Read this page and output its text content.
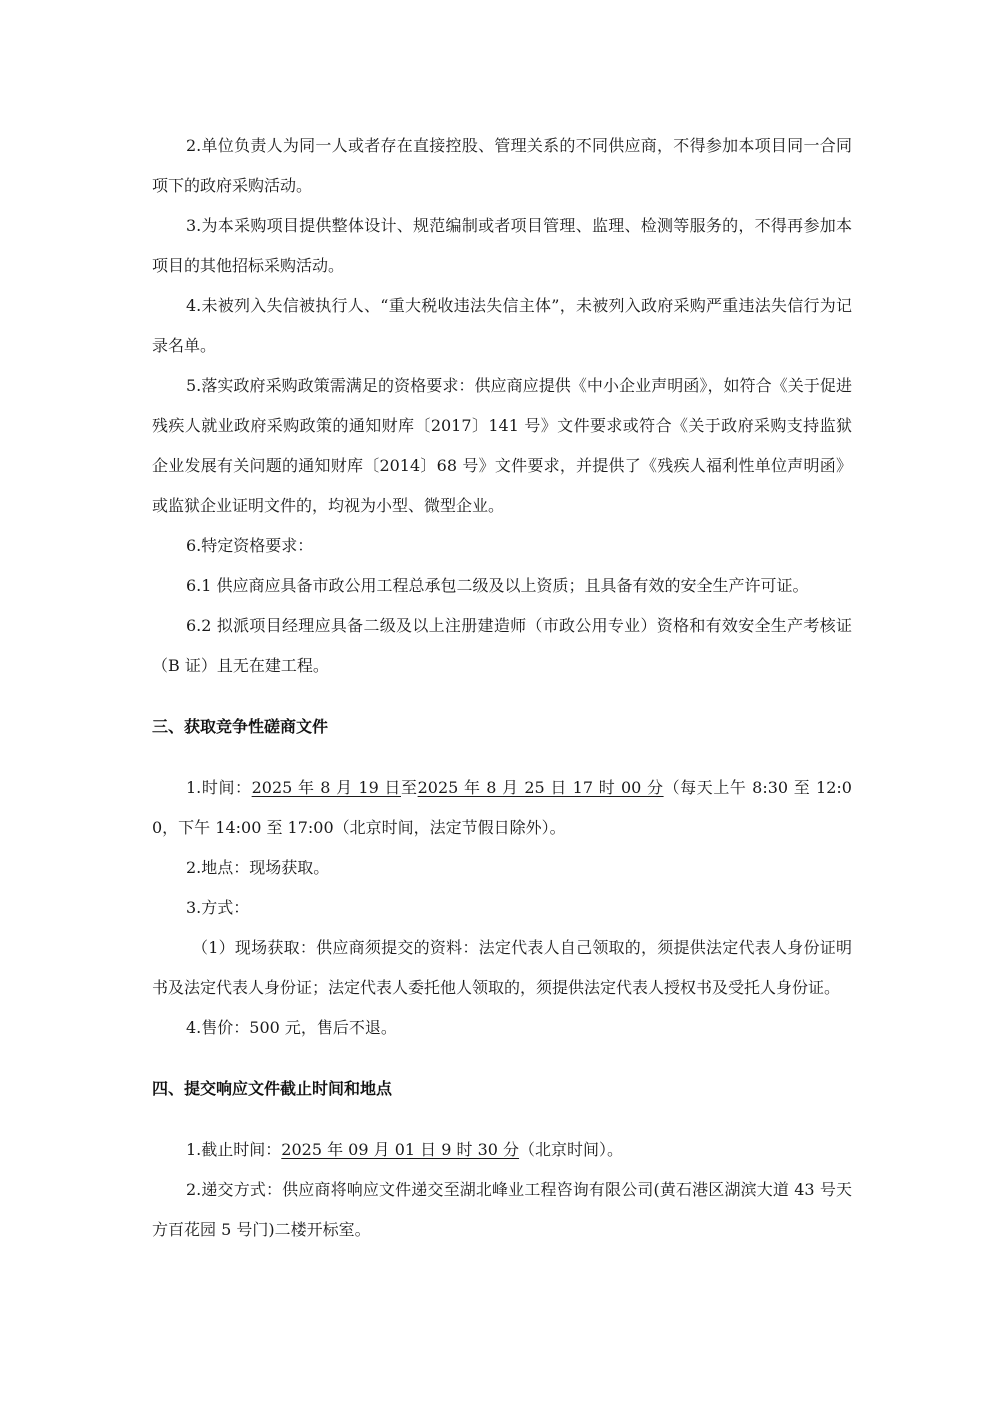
2.单位负责人为同一人或者存在直接控股、管理关系的不同供应商，不得参加本项目同一合同项下的政府采购活动。

3.为本采购项目提供整体设计、规范编制或者项目管理、监理、检测等服务的，不得再参加本项目的其他招标采购活动。

4.未被列入失信被执行人、“重大税收违法失信主体”，未被列入政府采购严重违法失信行为记录名单。

5.落实政府采购政策需满足的资格要求：供应商应提供《中小企业声明函》，如符合《关于促进残疾人就业政府采购政策的通知财库〔2017〕141 号》文件要求或符合《关于政府采购支持监狱企业发展有关问题的通知财库〔2014〕68 号》文件要求，并提供了《残疾人福利性单位声明函》或监狱企业证明文件的，均视为小型、微型企业。

6.特定资格要求：

6.1 供应商应具备市政公用工程总承包二级及以上资质；且具备有效的安全生产许可证。

6.2 拟派项目经理应具备二级及以上注册建造师（市政公用专业）资格和有效安全生产考核证（B 证）且无在建工程。

三、获取竞争性磋商文件

1.时间：2025 年 8 月 19 日至2025 年 8 月 25 日 17 时 00 分（每天上午 8:30 至 12:00，下午 14:00 至 17:00（北京时间，法定节假日除外）。

2.地点：现场获取。

3.方式：

（1）现场获取：供应商须提交的资料：法定代表人自己领取的，须提供法定代表人身份证明书及法定代表人身份证；法定代表人委托他人领取的，须提供法定代表人授权书及受托人身份证。

4.售价：500 元，售后不退。

四、提交响应文件截止时间和地点

1.截止时间：2025 年 09 月 01 日 9 时 30 分（北京时间）。

2.递交方式：供应商将响应文件递交至湖北峰业工程咨询有限公司(黄石港区湖滨大道 43 号天方百花园 5 号门)二楼开标室。
